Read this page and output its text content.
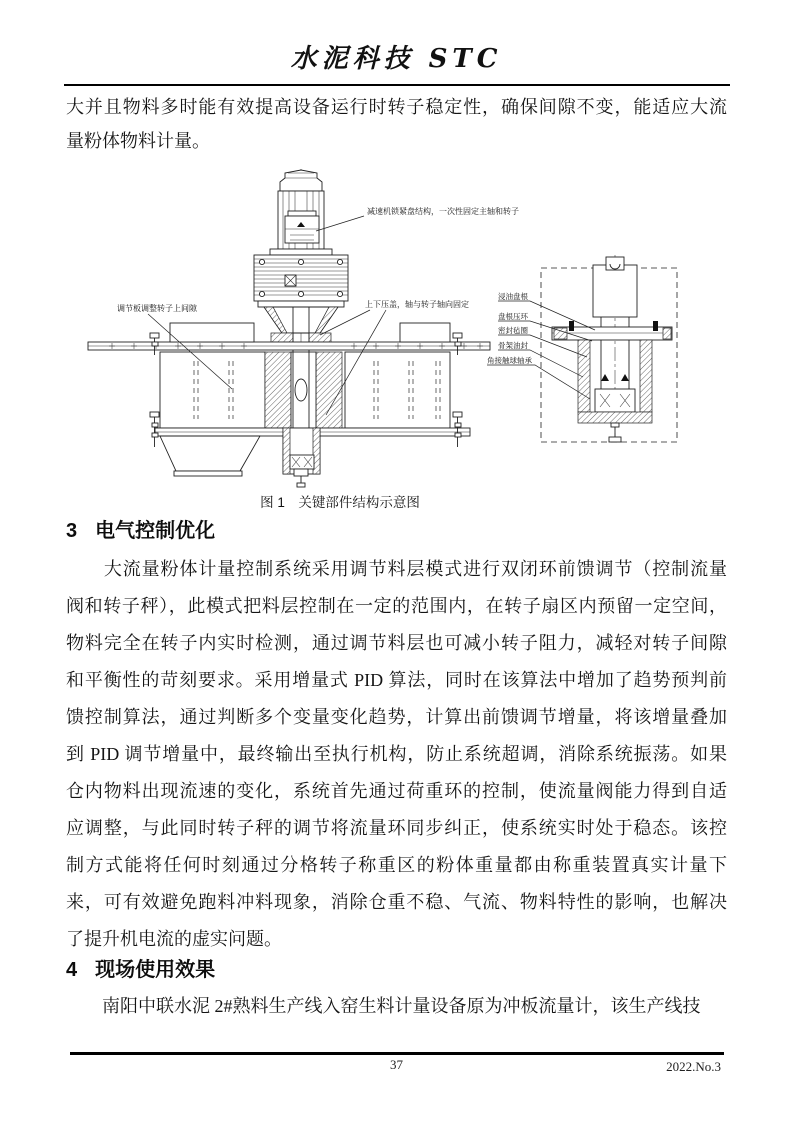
水泥科技 STC
大并且物料多时能有效提高设备运行时转子稳定性，确保间隙不变，能适应大流
量粉体物料计量。
减速机锁紧盘结构，一次性固定主轴和转子
调节板调整转子上间隙	上下压盖，轴与转子轴向固定
浸油盘根
盘根压环
密封毡圈
骨架油封
角接触球轴承
图 1　关键部件结构示意图
3 电气控制优化
　　大流量粉体计量控制系统采用调节料层模式进行双闭环前馈调节（控制流量
阀和转子秤），此模式把料层控制在一定的范围内，在转子扇区内预留一定空间，
物料完全在转子内实时检测，通过调节料层也可减小转子阻力，减轻对转子间隙
和平衡性的苛刻要求。采用增量式 PID 算法，同时在该算法中增加了趋势预判前
馈控制算法，通过判断多个变量变化趋势，计算出前馈调节增量，将该增量叠加
到 PID 调节增量中，最终输出至执行机构，防止系统超调，消除系统振荡。如果
仓内物料出现流速的变化，系统首先通过荷重环的控制，使流量阀能力得到自适
应调整，与此同时转子秤的调节将流量环同步纠正，使系统实时处于稳态。该控
制方式能将任何时刻通过分格转子称重区的粉体重量都由称重装置真实计量下
来，可有效避免跑料冲料现象，消除仓重不稳、气流、物料特性的影响，也解决
了提升机电流的虚实问题。
4 现场使用效果
　　南阳中联水泥 2#熟料生产线入窑生料计量设备原为冲板流量计，该生产线技
37	2022.No.3
